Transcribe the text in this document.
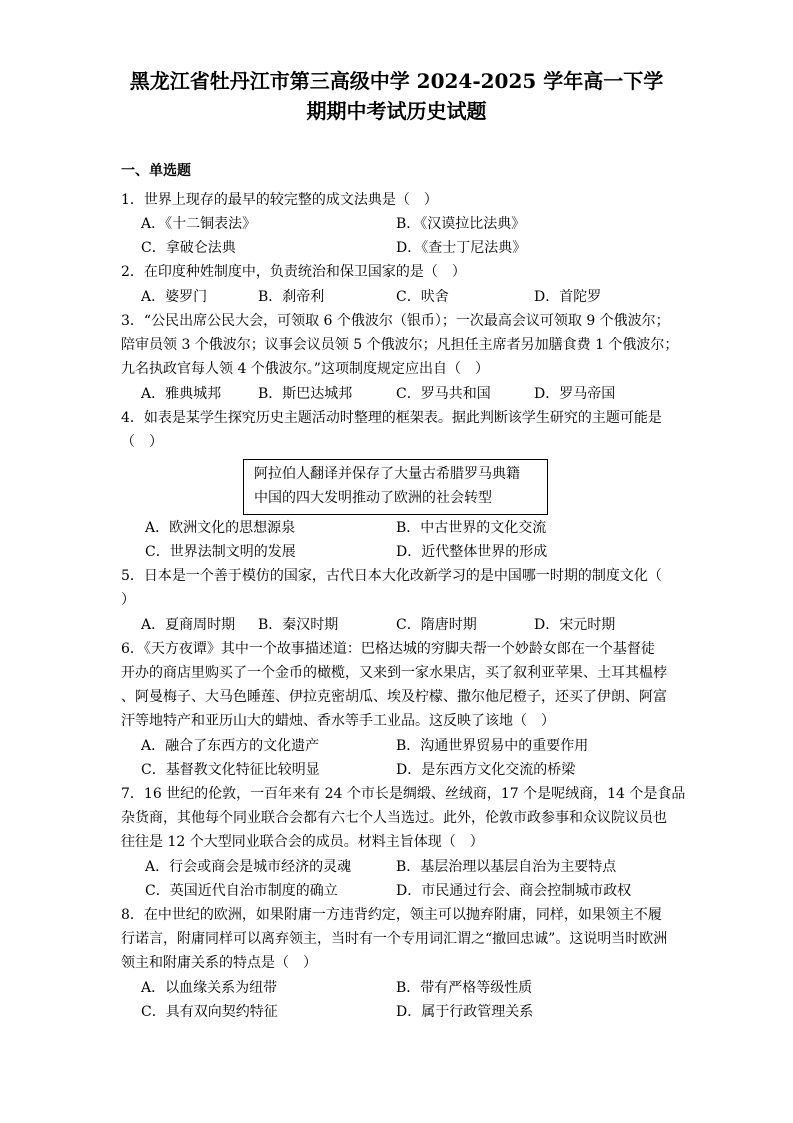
黑龙江省牡丹江市第三高级中学 2024-2025 学年高一下学
期期中考试历史试题
一、单选题
1．世界上现存的最早的较完整的成文法典是（　）
A．《十二铜表法》	B．《汉谟拉比法典》
C．拿破仑法典	D．《查士丁尼法典》
2．在印度种姓制度中，负责统治和保卫国家的是（　）
A．婆罗门	B．刹帝利	C．吠舍	D．首陀罗
3．“公民出席公民大会，可领取 6 个俄波尔（银币）；一次最高会议可领取 9 个俄波尔；
陪审员领 3 个俄波尔；议事会议员领 5 个俄波尔；凡担任主席者另加膳食费 1 个俄波尔；
九名执政官每人领 4 个俄波尔。”这项制度规定应出自（　）
A．雅典城邦	B．斯巴达城邦	C．罗马共和国	D．罗马帝国
4．如表是某学生探究历史主题活动时整理的框架表。据此判断该学生研究的主题可能是
（　）
阿拉伯人翻译并保存了大量古希腊罗马典籍
中国的四大发明推动了欧洲的社会转型
A．欧洲文化的思想源泉	B．中古世界的文化交流
C．世界法制文明的发展	D．近代整体世界的形成
5．日本是一个善于模仿的国家，古代日本大化改新学习的是中国哪一时期的制度文化（
）
A．夏商周时期 B．秦汉时期	C．隋唐时期	D．宋元时期
6．《天方夜谭》其中一个故事描述道：巴格达城的穷脚夫帮一个妙龄女郎在一个基督徒
开办的商店里购买了一个金币的橄榄，又来到一家水果店，买了叙利亚苹果、土耳其榅桲
、阿曼梅子、大马色睡莲、伊拉克密胡瓜、埃及柠檬、撒尔他尼橙子，还买了伊朗、阿富
汗等地特产和亚历山大的蜡烛、香水等手工业品。这反映了该地（　）
A．融合了东西方的文化遗产	B．沟通世界贸易中的重要作用
C．基督教文化特征比较明显	D．是东西方文化交流的桥梁
7．16 世纪的伦敦，一百年来有 24 个市长是绸缎、丝绒商，17 个是呢绒商，14 个是食品
杂货商，其他每个同业联合会都有六七个人当选过。此外，伦敦市政参事和众议院议员也
往往是 12 个大型同业联合会的成员。材料主旨体现（　）
A．行会或商会是城市经济的灵魂	B．基层治理以基层自治为主要特点
C．英国近代自治市制度的确立	D．市民通过行会、商会控制城市政权
8．在中世纪的欧洲，如果附庸一方违背约定，领主可以抛弃附庸，同样，如果领主不履
行诺言，附庸同样可以离弃领主，当时有一个专用词汇谓之“撤回忠诚”。这说明当时欧洲
领主和附庸关系的特点是（　）
A．以血缘关系为纽带	B．带有严格等级性质
C．具有双向契约特征	D．属于行政管理关系
